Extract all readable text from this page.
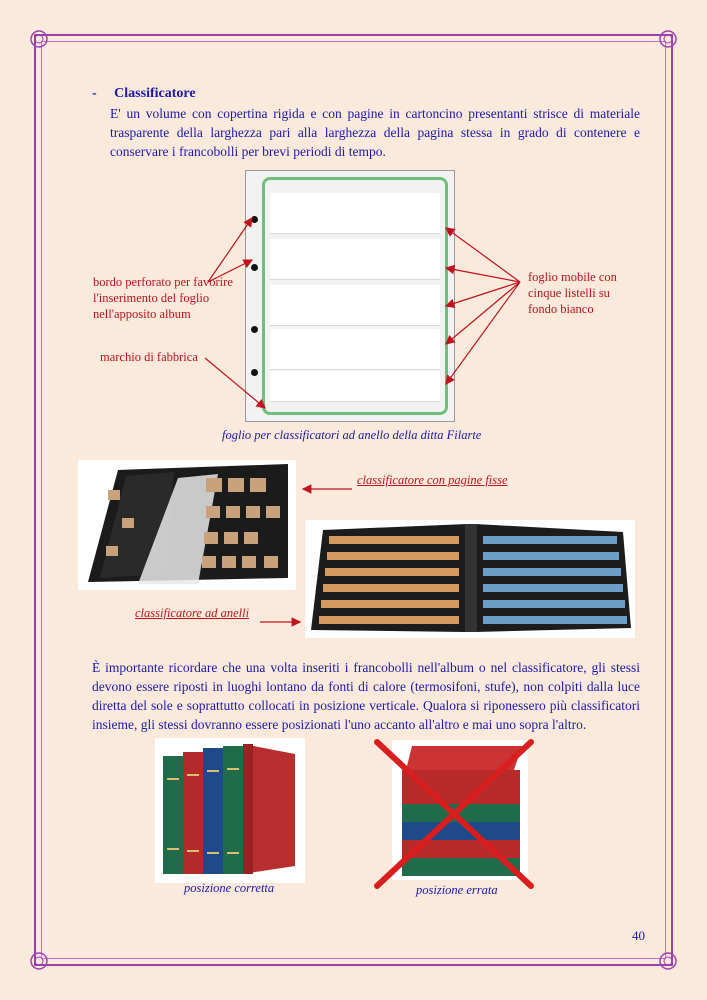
- Classificatore
E' un volume con copertina rigida e con pagine in cartoncino presentanti strisce di materiale trasparente della larghezza pari alla larghezza della pagina stessa in grado di contenere e conservare i francobolli per brevi periodi di tempo.
bordo perforato per favorire l'inserimento del foglio nell'apposito album
marchio di fabbrica
foglio mobile con cinque listelli su fondo bianco
foglio per classificatori ad anello della ditta Filarte
classificatore con pagine fisse
classificatore ad anelli
È importante ricordare che una volta inseriti i francobolli nell'album o nel classificatore, gli stessi devono essere riposti in luoghi lontano da fonti di calore (termosifoni, stufe), non colpiti dalla luce diretta del sole e soprattutto collocati in posizione verticale. Qualora si riponessero più classificatori insieme, gli stessi dovranno essere posizionati l'uno accanto all'altro e mai uno sopra l'altro.
posizione corretta	posizione errata
40
